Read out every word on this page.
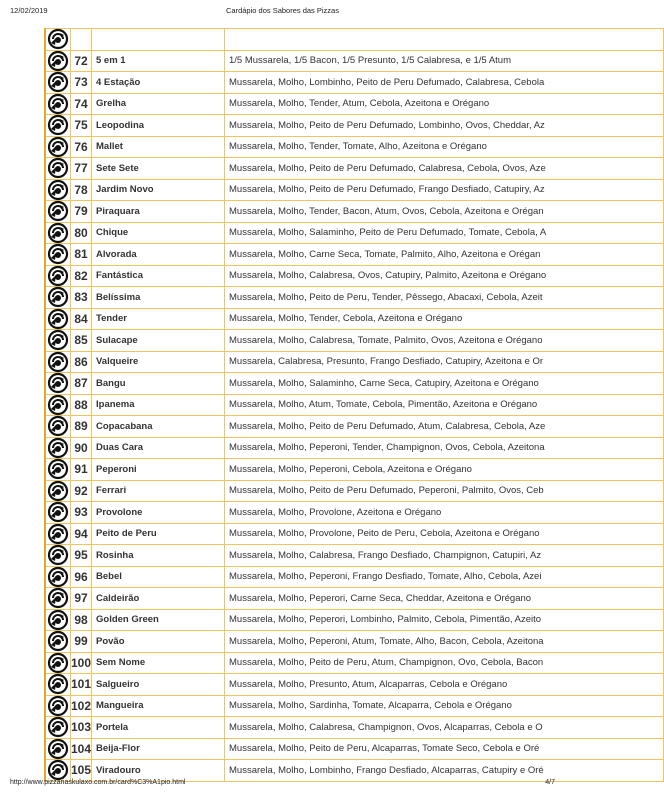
12/02/2019	Cardápio dos Sabores das Pizzas

	72	5 em 1	1/5 Mussarela, 1/5 Bacon, 1/5 Presunto, 1/5 Calabresa, e 1/5 Atum
	73	4 Estação	Mussarela, Molho, Lombinho, Peito de Peru Defumado, Calabresa, Cebola
	74	Grelha	Mussarela, Molho, Tender, Atum, Cebola, Azeitona e Orégano
	75	Leopodina	Mussarela, Molho, Peito de Peru Defumado, Lombinho, Ovos, Cheddar, Az
	76	Mallet	Mussarela, Molho, Tender, Tomate, Alho, Azeitona e Orégano
	77	Sete Sete	Mussarela, Molho, Peito de Peru Defumado, Calabresa, Cebola, Ovos, Aze
	78	Jardim Novo	Mussarela, Molho, Peito de Peru Defumado, Frango Desfiado, Catupiry, Az
	79	Piraquara	Mussarela, Molho, Tender, Bacon, Atum, Ovos, Cebola, Azeitona e Orégan
	80	Chique	Mussarela, Molho, Salaminho, Peito de Peru Defumado, Tomate, Cebola, A
	81	Alvorada	Mussarela, Molho, Carne Seca, Tomate, Palmito, Alho, Azeitona e Orégan
	82	Fantástica	Mussarela, Molho, Calabresa, Ovos, Catupiry, Palmito, Azeitona e Orégano
	83	Belíssima	Mussarela, Molho, Peito de Peru, Tender, Pêssego, Abacaxi, Cebola, Azeit
	84	Tender	Mussarela, Molho, Tender, Cebola, Azeitona e Orégano
	85	Sulacape	Mussarela, Molho, Calabresa, Tomate, Palmito, Ovos, Azeitona e Orégano
	86	Valqueire	Mussarela, Calabresa, Presunto, Frango Desfiado, Catupiry, Azeitona e Or
	87	Bangu	Mussarela, Molho, Salaminho, Carne Seca, Catupiry, Azeitona e Orégano
	88	Ipanema	Mussarela, Molho, Atum, Tomate, Cebola, Pimentão, Azeitona e Orégano
	89	Copacabana	Mussarela, Molho, Peito de Peru Defumado, Atum, Calabresa, Cebola, Aze
	90	Duas Cara	Mussarela, Molho, Peperoni, Tender, Champignon, Ovos, Cebola, Azeitona
	91	Peperoni	Mussarela, Molho, Peperoni, Cebola, Azeitona e Orégano
	92	Ferrari	Mussarela, Molho, Peito de Peru Defumado, Peperoni, Palmito, Ovos, Ceb
	93	Provolone	Mussarela, Molho, Provolone, Azeitona e Orégano
	94	Peito de Peru	Mussarela, Molho, Provolone, Peito de Peru, Cebola, Azeitona e Orégano
	95	Rosinha	Mussarela, Molho, Calabresa, Frango Desfiado, Champignon, Catupiri, Az
	96	Bebel	Mussarela, Molho, Peperoni, Frango Desfiado, Tomate, Alho, Cebola, Azei
	97	Caldeirão	Mussarela, Molho, Peperori, Carne Seca, Cheddar, Azeitona e Orégano
	98	Golden Green	Mussarela, Molho, Peperori, Lombinho, Palmito, Cebola, Pimentão, Azeito
	99	Povão	Mussarela, Molho, Peperoni, Atum, Tomate, Alho, Bacon, Cebola, Azeitona
	100	Sem Nome	Mussarela, Molho, Peito de Peru, Atum, Champignon, Ovo, Cebola, Bacon
	101	Salgueiro	Mussarela, Molho, Presunto, Atum, Alcaparras, Cebola e Orégano
	102	Mangueira	Mussarela, Molho, Sardinha, Tomate, Alcaparra, Cebola e Orégano
	103	Portela	Mussarela, Molho, Calabresa, Champignon, Ovos, Alcaparras, Cebola e O
	104	Beija-Flor	Mussarela, Molho, Peito de Peru, Alcaparras, Tomate Seco, Cebola e Oré
	105	Viradouro	Mussarela, Molho, Lombinho, Frango Desfiado, Alcaparras, Catupiry e Oré
http://www.pizzariaskulaxo.com.br/card%C3%A1pio.html	4/7
